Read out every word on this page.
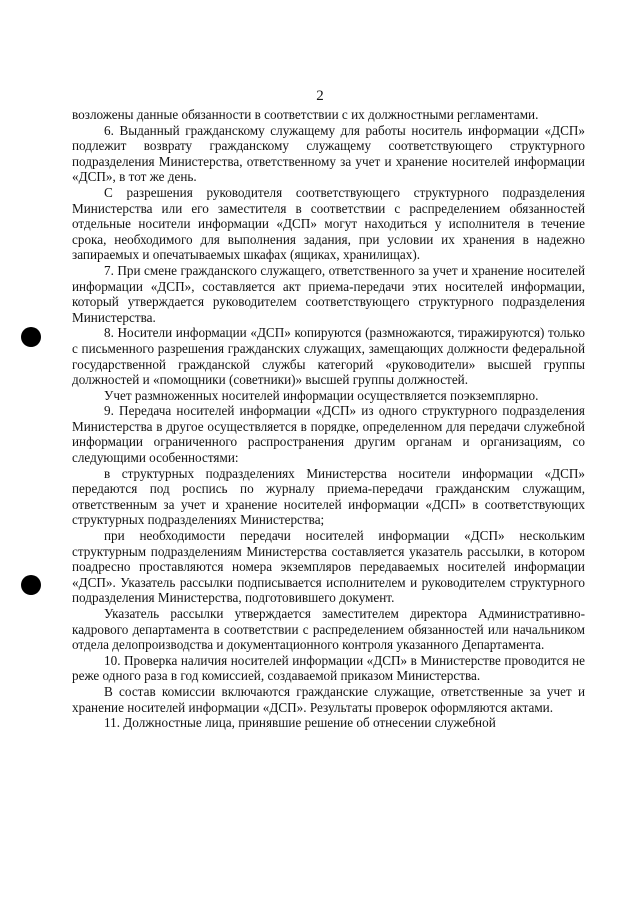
2

возложены данные обязанности в соответствии с их должностными регламентами.

6. Выданный гражданскому служащему для работы носитель информации «ДСП» подлежит возврату гражданскому служащему соответствующего структурного подразделения Министерства, ответственному за учет и хранение носителей информации «ДСП», в тот же день.

С разрешения руководителя соответствующего структурного подразделения Министерства или его заместителя в соответствии с распределением обязанностей отдельные носители информации «ДСП» могут находиться у исполнителя в течение срока, необходимого для выполнения задания, при условии их хранения в надежно запираемых и опечатываемых шкафах (ящиках, хранилищах).

7. При смене гражданского служащего, ответственного за учет и хранение носителей информации «ДСП», составляется акт приема-передачи этих носителей информации, который утверждается руководителем соответствующего структурного подразделения Министерства.

8. Носители информации «ДСП» копируются (размножаются, тиражируются) только с письменного разрешения гражданских служащих, замещающих должности федеральной государственной гражданской службы категорий «руководители» высшей группы должностей и «помощники (советники)» высшей группы должностей.

Учет размноженных носителей информации осуществляется поэкземплярно.

9. Передача носителей информации «ДСП» из одного структурного подразделения Министерства в другое осуществляется в порядке, определенном для передачи служебной информации ограниченного распространения другим органам и организациям, со следующими особенностями:

в структурных подразделениях Министерства носители информации «ДСП» передаются под роспись по журналу приема-передачи гражданским служащим, ответственным за учет и хранение носителей информации «ДСП» в соответствующих структурных подразделениях Министерства;

при необходимости передачи носителей информации «ДСП» нескольким структурным подразделениям Министерства составляется указатель рассылки, в котором поадресно проставляются номера экземпляров передаваемых носителей информации «ДСП». Указатель рассылки подписывается исполнителем и руководителем структурного подразделения Министерства, подготовившего документ.

Указатель рассылки утверждается заместителем директора Административно-кадрового департамента в соответствии с распределением обязанностей или начальником отдела делопроизводства и документационного контроля указанного Департамента.

10. Проверка наличия носителей информации «ДСП» в Министерстве проводится не реже одного раза в год комиссией, создаваемой приказом Министерства.

В состав комиссии включаются гражданские служащие, ответственные за учет и хранение носителей информации «ДСП». Результаты проверок оформляются актами.

11. Должностные лица, принявшие решение об отнесении служебной
